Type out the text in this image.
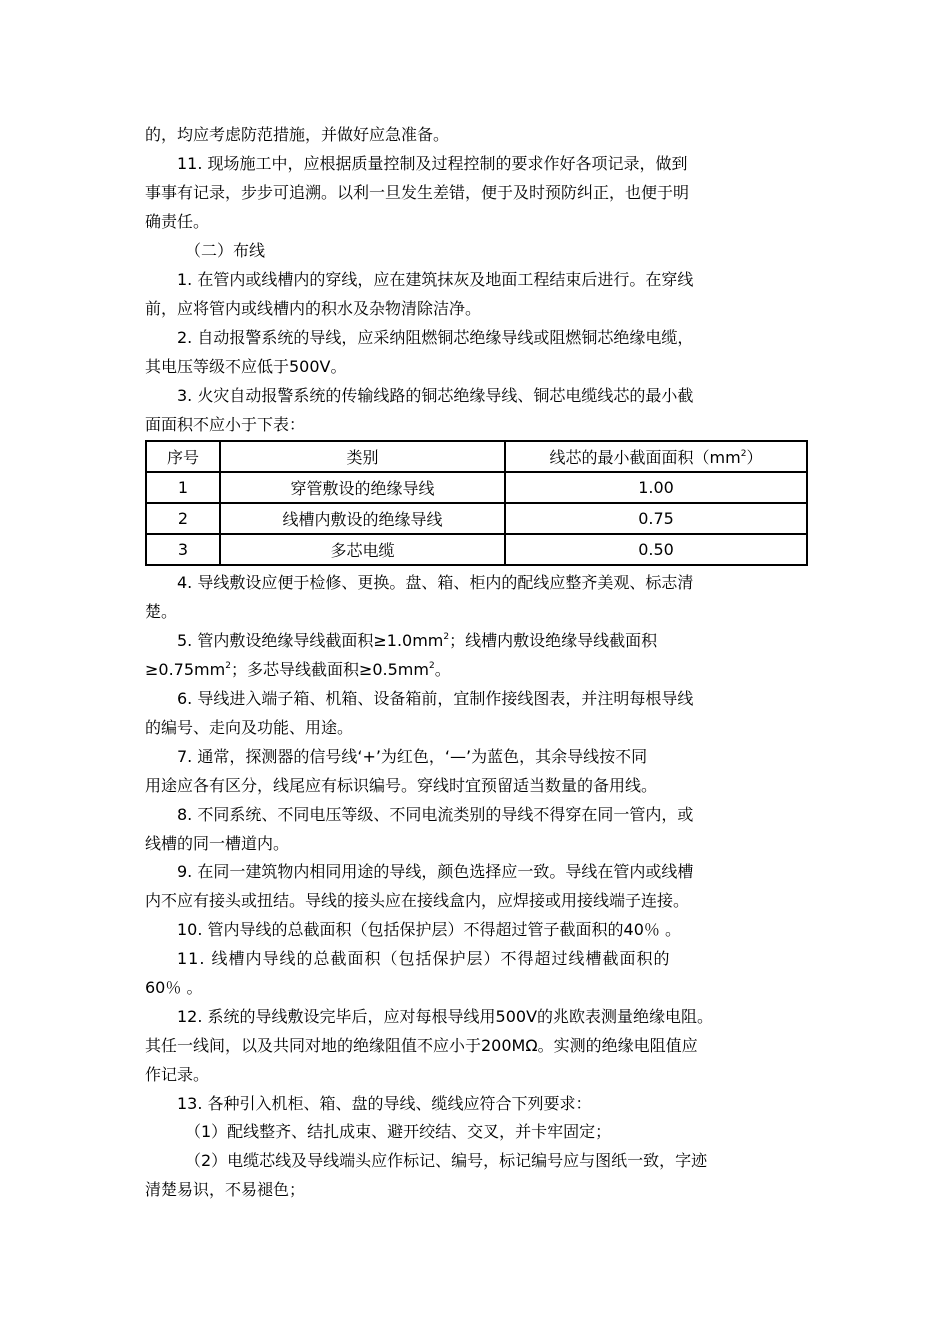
的，均应考虑防范措施，并做好应急准备。

11. 现场施工中，应根据质量控制及过程控制的要求作好各项记录，做到
事事有记录，步步可追溯。以利一旦发生差错，便于及时预防纠正，也便于明
确责任。

（二）布线

1. 在管内或线槽内的穿线，应在建筑抹灰及地面工程结束后进行。在穿线
前，应将管内或线槽内的积水及杂物清除洁净。

2. 自动报警系统的导线，应采纳阻燃铜芯绝缘导线或阻燃铜芯绝缘电缆，
其电压等级不应低于500V。

3. 火灾自动报警系统的传输线路的铜芯绝缘导线、铜芯电缆线芯的最小截
面面积不应小于下表：

序号	类别	线芯的最小截面面积$(mm^2)$
1	穿管敷设的绝缘导线	1.00
2	线槽内敷设的绝缘导线	0.75
3	多芯电缆	0.50

4. 导线敷设应便于检修、更换。盘、箱、柜内的配线应整齐美观、标志清
楚。

5. 管内敷设绝缘导线截面积$\ge 1.0mm^2$；线槽内敷设绝缘导线截面积
$\ge 0.75mm^2$；多芯导线截面积$\ge 0.5mm^2$。

6. 导线进入端子箱、机箱、设备箱前，宜制作接线图表，并注明每根导线
的编号、走向及功能、用途。

7. 通常，探测器的信号线‘+’为红色，‘—’为蓝色，其余导线按不同
用途应各有区分，线尾应有标识编号。穿线时宜预留适当数量的备用线。

8. 不同系统、不同电压等级、不同电流类别的导线不得穿在同一管内，或
线槽的同一槽道内。

9. 在同一建筑物内相同用途的导线，颜色选择应一致。导线在管内或线槽
内不应有接头或扭结。导线的接头应在接线盒内，应焊接或用接线端子连接。

10. 管内导线的总截面积（包括保护层）不得超过管子截面积的40％ 。

11. 线槽内导线的总截面积（包括保护层）不得超过线槽截面积的
60％ 。

12. 系统的导线敷设完毕后，应对每根导线用500V的兆欧表测量绝缘电阻。
其任一线间，以及共同对地的绝缘阻值不应小于200MΩ。实测的绝缘电阻值应
作记录。

13. 各种引入机柜、箱、盘的导线、缆线应符合下列要求：

（1）配线整齐、结扎成束、避开绞结、交叉，并卡牢固定；

（2）电缆芯线及导线端头应作标记、编号，标记编号应与图纸一致，字迹
清楚易识，不易褪色；
